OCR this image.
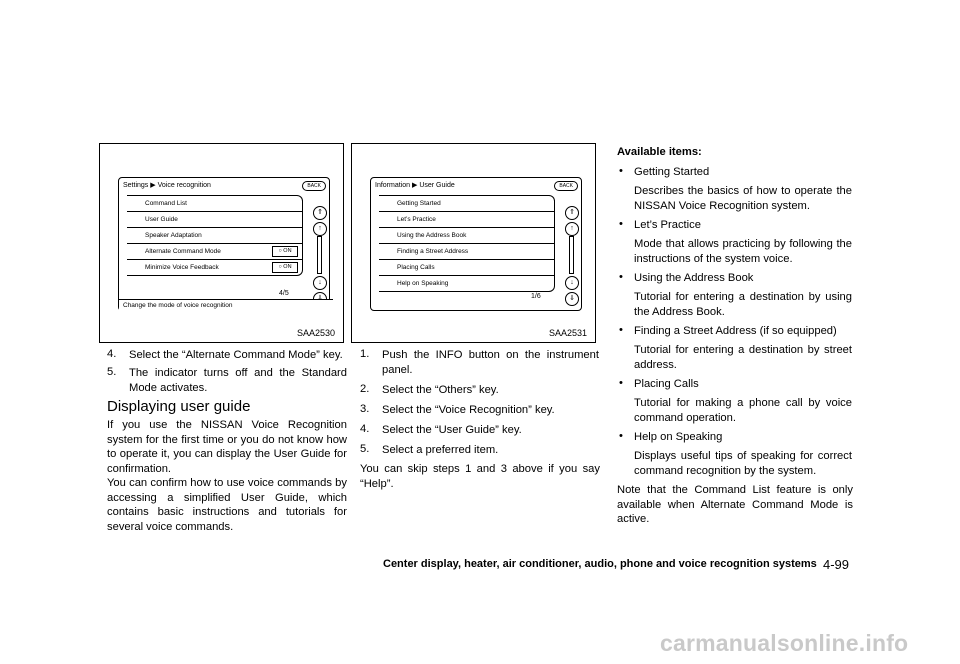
Settings ▶ Voice recognition	BACK
Command List
User Guide
Speaker Adaptation
Alternate Command Mode	○ ON
Minimize Voice Feedback	○ ON
4/5
⇑
↑
↓
Change the mode of voice recognition
SAA2530
Information ▶ User Guide	BACK
Getting Started
Let’s Practice
Using the Address Book
Finding a Street Address
Placing Calls
Help on Speaking
1/6
⇑
↑
↓
⇓
SAA2531
4. Select the “Alternate Command Mode” key.
5. The indicator turns off and the Standard Mode activates.
Displaying user guide
If you use the NISSAN Voice Recognition system for the first time or you do not know how to operate it, you can display the User Guide for confirmation.
You can confirm how to use voice commands by accessing a simplified User Guide, which contains basic instructions and tutorials for several voice commands.
1. Push the INFO button on the instrument panel.
2. Select the “Others” key.
3. Select the “Voice Recognition” key.
4. Select the “User Guide” key.
5. Select a preferred item.
You can skip steps 1 and 3 above if you say “Help”.
Available items:
• Getting Started
Describes the basics of how to operate the NISSAN Voice Recognition system.
• Let’s Practice
Mode that allows practicing by following the instructions of the system voice.
• Using the Address Book
Tutorial for entering a destination by using the Address Book.
• Finding a Street Address (if so equipped)
Tutorial for entering a destination by street address.
• Placing Calls
Tutorial for making a phone call by voice command operation.
• Help on Speaking
Displays useful tips of speaking for correct command recognition by the system.
Note that the Command List feature is only available when Alternate Command Mode is active.
Center display, heater, air conditioner, audio, phone and voice recognition systems 4-99
carmanualsonline.info
